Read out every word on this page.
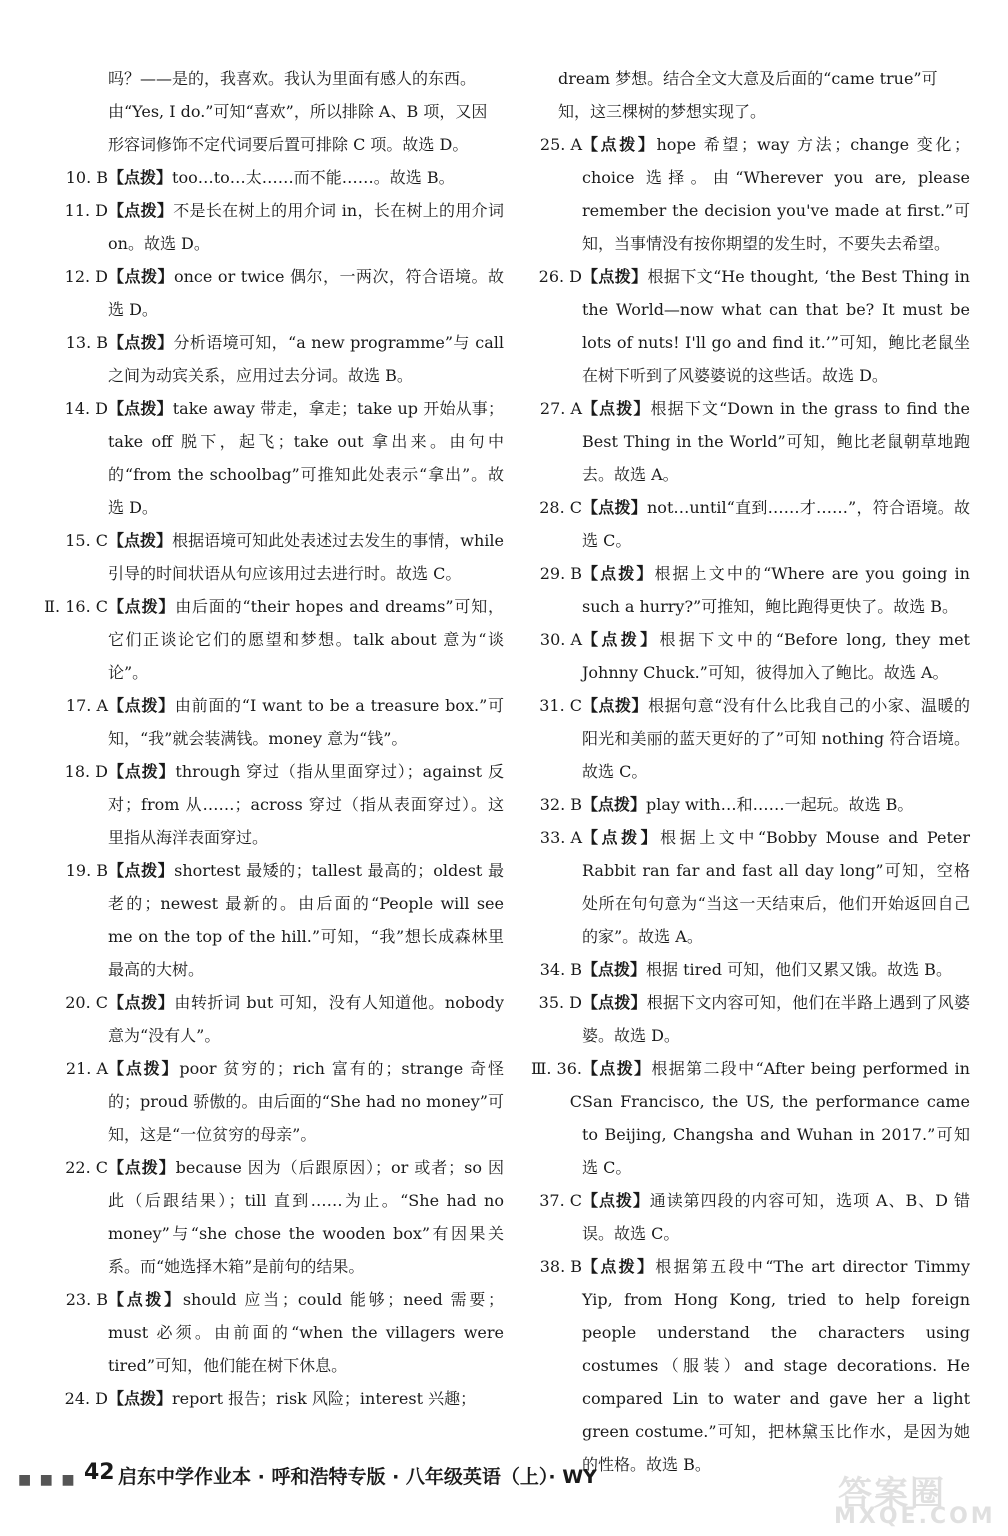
吗？——是的，我喜欢。我认为里面有感人的东西。

由“Yes, I do.”可知“喜欢”，所以排除 A、B 项，又因

形容词修饰不定代词要后置可排除 C 项。故选 D。

10. B 【点拨】too…to…太……而不能……。故选 B。

11. D 【点拨】不是长在树上的用介词 in，长在树上的用介词 on。故选 D。

12. D 【点拨】once or twice 偶尔，一两次，符合语境。故选 D。

13. B 【点拨】分析语境可知，“a new programme”与 call 之间为动宾关系，应用过去分词。故选 B。

14. D 【点拨】take away 带走，拿走；take up 开始从事；take off 脱下，起飞；take out 拿出来。由句中的“from the schoolbag”可推知此处表示“拿出”。故选 D。

15. C 【点拨】根据语境可知此处表述过去发生的事情，while 引导的时间状语从句应该用过去进行时。故选 C。

Ⅱ. 16. C 【点拨】由后面的“their hopes and dreams”可知，它们正谈论它们的愿望和梦想。talk about 意为“谈论”。

17. A 【点拨】由前面的“I want to be a treasure box.”可知，“我”就会装满钱。money 意为“钱”。

18. D 【点拨】through 穿过（指从里面穿过）；against 反对；from 从……；across 穿过（指从表面穿过）。这里指从海洋表面穿过。

19. B 【点拨】shortest 最矮的；tallest 最高的；oldest 最老的；newest 最新的。由后面的“People will see me on the top of the hill.”可知，“我”想长成森林里最高的大树。

20. C 【点拨】由转折词 but 可知，没有人知道他。nobody 意为“没有人”。

21. A 【点拨】poor 贫穷的；rich 富有的；strange 奇怪的；proud 骄傲的。由后面的“She had no money”可知，这是“一位贫穷的母亲”。

22. C 【点拨】because 因为（后跟原因）；or 或者；so 因此（后跟结果）；till 直到……为止。“She had no money”与“she chose the wooden box”有因果关系。而“她选择木箱”是前句的结果。

23. B 【点拨】should 应当；could 能够；need 需要；must 必须。由前面的“when the villagers were tired”可知，他们能在树下休息。

24. D 【点拨】report 报告；risk 风险；interest 兴趣；

dream 梦想。结合全文大意及后面的“came true”可

知，这三棵树的梦想实现了。

25. A 【点拨】hope 希望；way 方法；change 变化；choice 选择。由“Wherever you are, please remember the decision you've made at first.”可知，当事情没有按你期望的发生时，不要失去希望。

26. D 【点拨】根据下文“He thought, ‘the Best Thing in the World—now what can that be? It must be lots of nuts! I'll go and find it.’”可知，鲍比老鼠坐在树下听到了风婆婆说的这些话。故选 D。

27. A 【点拨】根据下文“Down in the grass to find the Best Thing in the World”可知，鲍比老鼠朝草地跑去。故选 A。

28. C 【点拨】not…until“直到……才……”，符合语境。故选 C。

29. B 【点拨】根据上文中的“Where are you going in such a hurry?”可推知，鲍比跑得更快了。故选 B。

30. A 【点拨】根据下文中的“Before long, they met Johnny Chuck.”可知，彼得加入了鲍比。故选 A。

31. C 【点拨】根据句意“没有什么比我自己的小家、温暖的阳光和美丽的蓝天更好的了”可知 nothing 符合语境。故选 C。

32. B 【点拨】play with…和……一起玩。故选 B。

33. A 【点拨】根据上文中“Bobby Mouse and Peter Rabbit ran far and fast all day long”可知，空格处所在句句意为“当这一天结束后，他们开始返回自己的家”。故选 A。

34. B 【点拨】根据 tired 可知，他们又累又饿。故选 B。

35. D 【点拨】根据下文内容可知，他们在半路上遇到了风婆婆。故选 D。

Ⅲ. 36. C
【点拨】根据第二段中“After being performed in San Francisco, the US, the performance came to Beijing, Changsha and Wuhan in 2017.”可知选 C。

37. C 【点拨】通读第四段的内容可知，选项 A、B、D 错误。故选 C。

38. B 【点拨】根据第五段中“The art director Timmy Yip, from Hong Kong, tried to help foreign people understand the characters using costumes（服装）and stage decorations. He compared Lin to water and gave her a light green costume.”可知，把林黛玉比作水，是因为她的性格。故选 B。

■ ■ ■ 42 启东中学作业本 · 呼和浩特专版 · 八年级英语（上）· WY	答案圈
MXQE.COM
